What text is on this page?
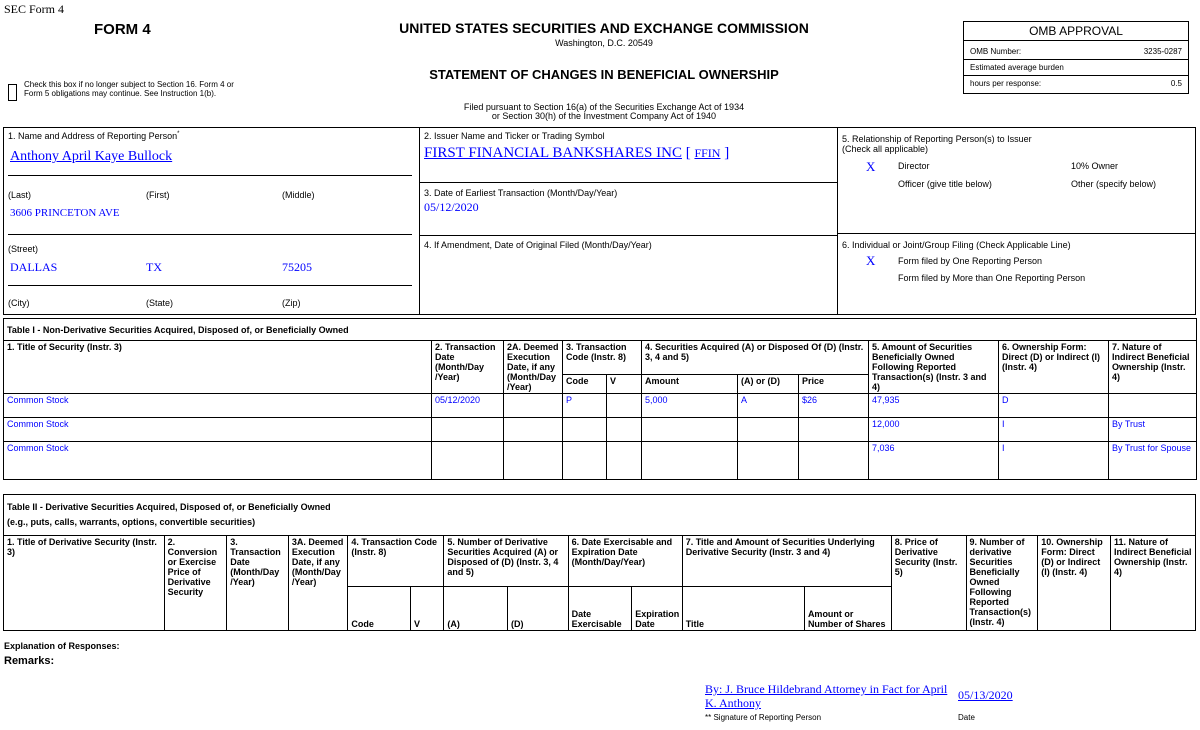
SEC Form 4
FORM 4	UNITED STATES SECURITIES AND EXCHANGE COMMISSION
Washington, D.C. 20549
STATEMENT OF CHANGES IN BENEFICIAL OWNERSHIP
Filed pursuant to Section 16(a) of the Securities Exchange Act of 1934
or Section 30(h) of the Investment Company Act of 1940
Check this box if no longer subject to Section 16. Form 4 or Form 5 obligations may continue. See Instruction 1(b).
OMB APPROVAL
OMB Number:	3235-0287
Estimated average burden
hours per response:	0.5
1. Name and Address of Reporting Person*
Anthony April Kaye Bullock
(Last)	(First)	(Middle)
3606 PRINCETON AVE
(Street)
DALLAS	TX	75205
(City)	(State)	(Zip)
2. Issuer Name and Ticker or Trading Symbol
FIRST FINANCIAL BANKSHARES INC [ FFIN ]
3. Date of Earliest Transaction (Month/Day/Year)
05/12/2020
4. If Amendment, Date of Original Filed (Month/Day/Year)
5. Relationship of Reporting Person(s) to Issuer
(Check all applicable)
X	Director	10% Owner
Officer (give title below)	Other (specify below)
6. Individual or Joint/Group Filing (Check Applicable Line)
X	Form filed by One Reporting Person
Form filed by More than One Reporting Person
Table I - Non-Derivative Securities Acquired, Disposed of, or Beneficially Owned										
1. Title of Security (Instr. 3)	2. Transaction Date (Month/Day /Year)	2A. Deemed Execution Date, if any (Month/Day /Year)	3. Transaction Code (Instr. 8)		4. Securities Acquired (A) or Disposed Of (D) (Instr. 3, 4 and 5)			5. Amount of Securities Beneficially Owned Following Reported Transaction(s) (Instr. 3 and 4)	6. Ownership Form: Direct (D) or Indirect (I) (Instr. 4)	7. Nature of Indirect Beneficial Ownership (Instr. 4)
			Code	V	Amount	(A) or (D)	Price			
Common Stock	05/12/2020		P		5,000	A	$26	47,935	D	
Common Stock								12,000	I	By Trust
Common Stock								7,036	I	By Trust for Spouse
Table II - Derivative Securities Acquired, Disposed of, or Beneficially Owned
(e.g., puts, calls, warrants, options, convertible securities)															

1. Title of Derivative Security (Instr. 3)	2. Conversion or Exercise Price of Derivative Security	3. Transaction Date (Month/Day /Year)	3A. Deemed Execution Date, if any (Month/Day /Year)	4. Transaction Code (Instr. 8)		5. Number of Derivative Securities Acquired (A) or Disposed of (D) (Instr. 3, 4 and 5)		6. Date Exercisable and Expiration Date (Month/Day/Year)		7. Title and Amount of Securities Underlying Derivative Security (Instr. 3 and 4)		8. Price of Derivative Security (Instr. 5)	9. Number of derivative Securities Beneficially Owned Following Reported Transaction(s) (Instr. 4)	10. Ownership Form: Direct (D) or Indirect (I) (Instr. 4)	11. Nature of Indirect Beneficial Ownership (Instr. 4)
				Code	V	(A)	(D)	Date Exercisable	Expiration Date	Title	Amount or Number of Shares				
Explanation of Responses:
Remarks:
By: J. Bruce Hildebrand Attorney in Fact for April K. Anthony
05/13/2020
** Signature of Reporting Person	Date
